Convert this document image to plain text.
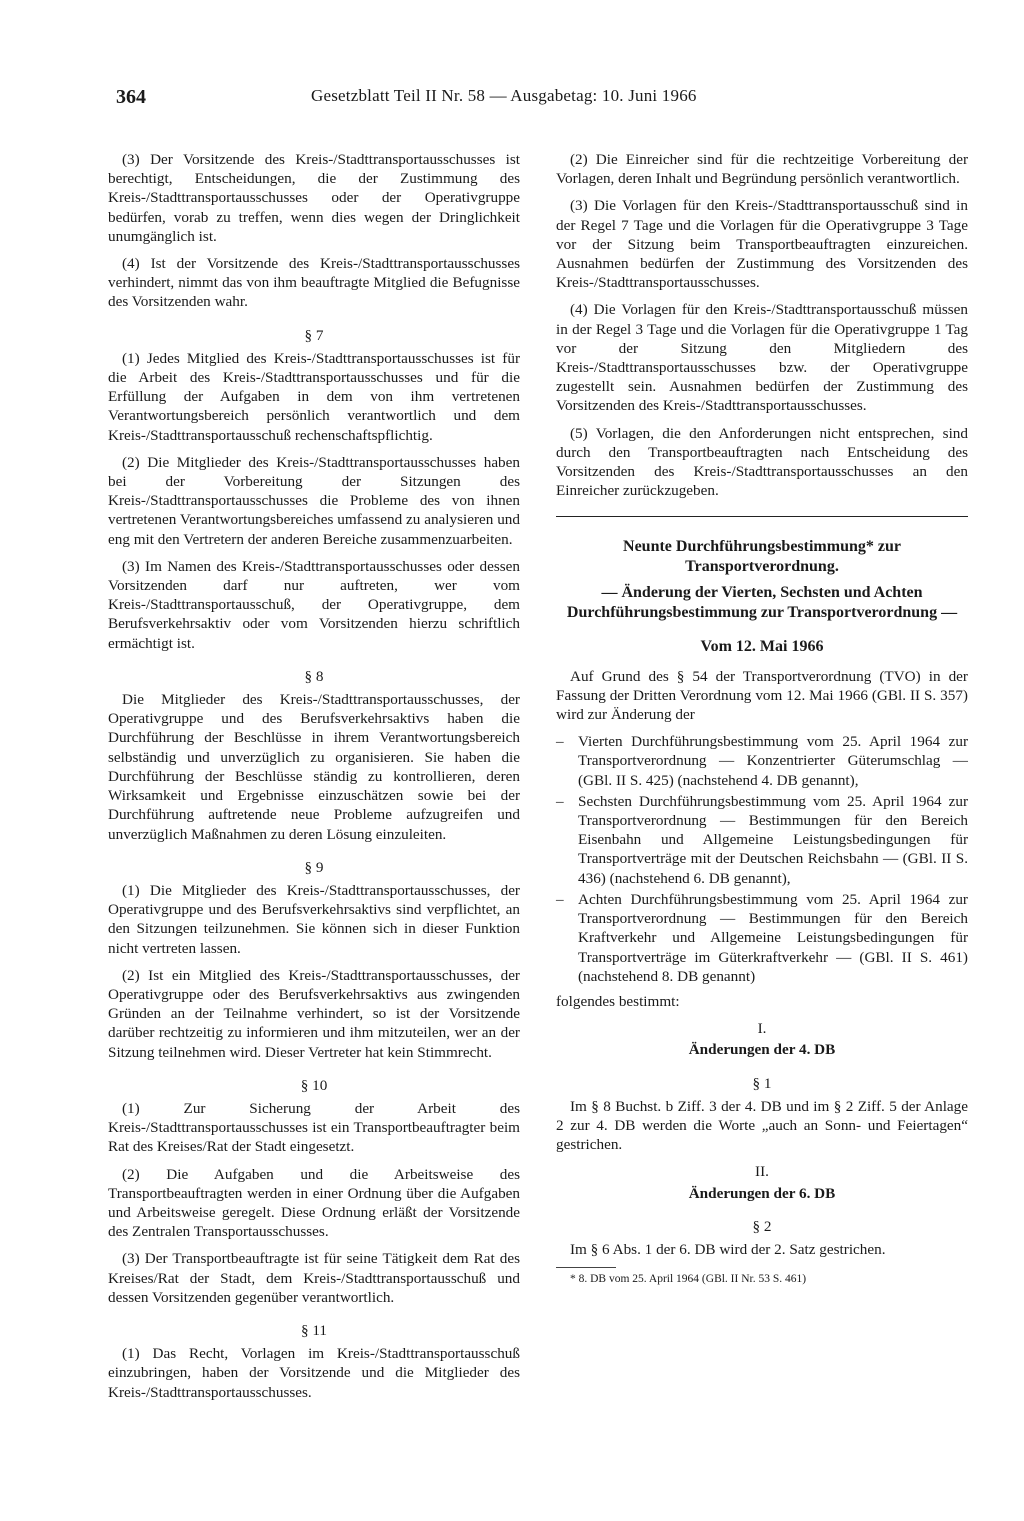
364	Gesetzblatt Teil II Nr. 58 — Ausgabetag: 10. Juni 1966

(3) Der Vorsitzende des Kreis-/Stadttransportausschusses ist berechtigt, Entscheidungen, die der Zustimmung des Kreis-/Stadttransportausschusses oder der Operativgruppe bedürfen, vorab zu treffen, wenn dies wegen der Dringlichkeit unumgänglich ist.

(4) Ist der Vorsitzende des Kreis-/Stadttransportausschusses verhindert, nimmt das von ihm beauftragte Mitglied die Befugnisse des Vorsitzenden wahr.

§ 7

(1) Jedes Mitglied des Kreis-/Stadttransportausschusses ist für die Arbeit des Kreis-/Stadttransportausschusses und für die Erfüllung der Aufgaben in dem von ihm vertretenen Verantwortungsbereich persönlich verantwortlich und dem Kreis-/Stadttransportausschuß rechenschaftspflichtig.

(2) Die Mitglieder des Kreis-/Stadttransportausschusses haben bei der Vorbereitung der Sitzungen des Kreis-/Stadttransportausschusses die Probleme des von ihnen vertretenen Verantwortungsbereiches umfassend zu analysieren und eng mit den Vertretern der anderen Bereiche zusammenzuarbeiten.

(3) Im Namen des Kreis-/Stadttransportausschusses oder dessen Vorsitzenden darf nur auftreten, wer vom Kreis-/Stadttransportausschuß, der Operativgruppe, dem Berufsverkehrsaktiv oder vom Vorsitzenden hierzu schriftlich ermächtigt ist.

§ 8

Die Mitglieder des Kreis-/Stadttransportausschusses, der Operativgruppe und des Berufsverkehrsaktivs haben die Durchführung der Beschlüsse in ihrem Verantwortungsbereich selbständig und unverzüglich zu organisieren. Sie haben die Durchführung der Beschlüsse ständig zu kontrollieren, deren Wirksamkeit und Ergebnisse einzuschätzen sowie bei der Durchführung auftretende neue Probleme aufzugreifen und unverzüglich Maßnahmen zu deren Lösung einzuleiten.

§ 9

(1) Die Mitglieder des Kreis-/Stadttransportausschusses, der Operativgruppe und des Berufsverkehrsaktivs sind verpflichtet, an den Sitzungen teilzunehmen. Sie können sich in dieser Funktion nicht vertreten lassen.

(2) Ist ein Mitglied des Kreis-/Stadttransportausschusses, der Operativgruppe oder des Berufsverkehrsaktivs aus zwingenden Gründen an der Teilnahme verhindert, so ist der Vorsitzende darüber rechtzeitig zu informieren und ihm mitzuteilen, wer an der Sitzung teilnehmen wird. Dieser Vertreter hat kein Stimmrecht.

§ 10

(1) Zur Sicherung der Arbeit des Kreis-/Stadttransportausschusses ist ein Transportbeauftragter beim Rat des Kreises/Rat der Stadt eingesetzt.

(2) Die Aufgaben und die Arbeitsweise des Transportbeauftragten werden in einer Ordnung über die Aufgaben und Arbeitsweise geregelt. Diese Ordnung erläßt der Vorsitzende des Zentralen Transportausschusses.

(3) Der Transportbeauftragte ist für seine Tätigkeit dem Rat des Kreises/Rat der Stadt, dem Kreis-/Stadttransportausschuß und dessen Vorsitzenden gegenüber verantwortlich.

§ 11

(1) Das Recht, Vorlagen im Kreis-/Stadttransportausschuß einzubringen, haben der Vorsitzende und die Mitglieder des Kreis-/Stadttransportausschusses.

(2) Die Einreicher sind für die rechtzeitige Vorbereitung der Vorlagen, deren Inhalt und Begründung persönlich verantwortlich.

(3) Die Vorlagen für den Kreis-/Stadttransportausschuß sind in der Regel 7 Tage und die Vorlagen für die Operativgruppe 3 Tage vor der Sitzung beim Transportbeauftragten einzureichen. Ausnahmen bedürfen der Zustimmung des Vorsitzenden des Kreis-/Stadttransportausschusses.

(4) Die Vorlagen für den Kreis-/Stadttransportausschuß müssen in der Regel 3 Tage und die Vorlagen für die Operativgruppe 1 Tag vor der Sitzung den Mitgliedern des Kreis-/Stadttransportausschusses bzw. der Operativgruppe zugestellt sein. Ausnahmen bedürfen der Zustimmung des Vorsitzenden des Kreis-/Stadttransportausschusses.

(5) Vorlagen, die den Anforderungen nicht entsprechen, sind durch den Transportbeauftragten nach Entscheidung des Vorsitzenden des Kreis-/Stadttransportausschusses an den Einreicher zurückzugeben.

Neunte Durchführungsbestimmung* zur Transportverordnung.
— Änderung der Vierten, Sechsten und Achten Durchführungsbestimmung zur Transportverordnung —
Vom 12. Mai 1966

Auf Grund des § 54 der Transportverordnung (TVO) in der Fassung der Dritten Verordnung vom 12. Mai 1966 (GBl. II S. 357) wird zur Änderung der

– Vierten Durchführungsbestimmung vom 25. April 1964 zur Transportverordnung — Konzentrierter Güterumschlag — (GBl. II S. 425) (nachstehend 4. DB genannt),
– Sechsten Durchführungsbestimmung vom 25. April 1964 zur Transportverordnung — Bestimmungen für den Bereich Eisenbahn und Allgemeine Leistungsbedingungen für Transportverträge mit der Deutschen Reichsbahn — (GBl. II S. 436) (nachstehend 6. DB genannt),
– Achten Durchführungsbestimmung vom 25. April 1964 zur Transportverordnung — Bestimmungen für den Bereich Kraftverkehr und Allgemeine Leistungsbedingungen für Transportverträge im Güterkraftverkehr — (GBl. II S. 461) (nachstehend 8. DB genannt)

folgendes bestimmt:

I.
Änderungen der 4. DB
§ 1

Im § 8 Buchst. b Ziff. 3 der 4. DB und im § 2 Ziff. 5 der Anlage 2 zur 4. DB werden die Worte „auch an Sonn- und Feiertagen“ gestrichen.

II.
Änderungen der 6. DB
§ 2

Im § 6 Abs. 1 der 6. DB wird der 2. Satz gestrichen.

* 8. DB vom 25. April 1964 (GBl. II Nr. 53 S. 461)
